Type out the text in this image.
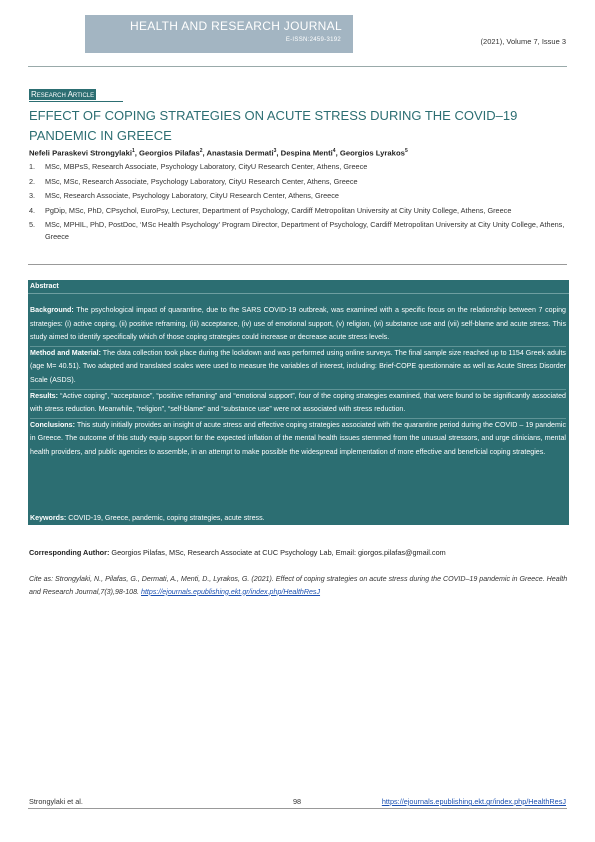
HEALTH AND RESEARCH JOURNAL
E-ISSN:2459-3192	(2021), Volume 7, Issue 3
Research Article
EFFECT OF COPING STRATEGIES ON ACUTE STRESS DURING THE COVID–19 PANDEMIC IN GREECE
Nefeli Paraskevi Strongylaki$^1$, Georgios Pilafas$^2$, Anastasia Dermati$^3$, Despina Menti$^4$, Georgios Lyrakos$^5$
1. MSc, MBPsS, Research Associate, Psychology Laboratory, CityU Research Center, Athens, Greece
2. MSc, MSc, Research Associate, Psychology Laboratory, CityU Research Center, Athens, Greece
3. MSc, Research Associate, Psychology Laboratory, CityU Research Center, Athens, Greece
4. PgDip, MSc, PhD, CPsychol, EuroPsy, Lecturer, Department of Psychology, Cardiff Metropolitan University at City Unity College, Athens, Greece
5. MSc, MPHIL, PhD, PostDoc, ‘MSc Health Psychology’ Program Director, Department of Psychology, Cardiff Metropolitan University at City Unity College, Athens, Greece
Abstract

Background: The psychological impact of quarantine, due to the SARS COVID-19 outbreak, was examined with a specific focus on the relationship between 7 coping strategies: (i) active coping, (ii) positive reframing, (iii) acceptance, (iv) use of emotional support, (v) religion, (vi) substance use and (vii) self-blame and acute stress. This study aimed to identify specifically which of those coping strategies could increase or decrease acute stress levels.

Method and Material: The data collection took place during the lockdown and was performed using online surveys. The final sample size reached up to 1154 Greek adults (age M= 40.51). Two adapted and translated scales were used to measure the variables of interest, including: Brief-COPE questionnaire as well as Acute Stress Disorder Scale (ASDS).

Results: “Active coping”, “acceptance”, “positive reframing” and “emotional support”, four of the coping strategies examined, that were found to be significantly associated with stress reduction. Meanwhile, “religion”, “self-blame” and “substance use” were not associated with stress reduction.

Conclusions: This study initially provides an insight of acute stress and effective coping strategies associated with the quarantine period during the COVID – 19 pandemic in Greece. The outcome of this study equip support for the expected inflation of the mental health issues stemmed from the unusual stressors, and urge clinicians, mental health providers, and public agencies to assemble, in an attempt to make possible the widespread implementation of more effective and beneficial coping strategies.

Keywords: COVID-19, Greece, pandemic, coping strategies, acute stress.
Corresponding Author: Georgios Pilafas, MSc, Research Associate at CUC Psychology Lab, Email: giorgos.pilafas@gmail.com
Cite as: Strongylaki, N., Pilafas, G., Dermati, A., Menti, D., Lyrakos, G. (2021). Effect of coping strategies on acute stress during the COVID–19 pandemic in Greece. Health and Research Journal,7(3),98-108. https://ejournals.epublishing.ekt.gr/index.php/HealthResJ
Strongylaki et al.	98	https://ejournals.epublishing.ekt.gr/index.php/HealthResJ
